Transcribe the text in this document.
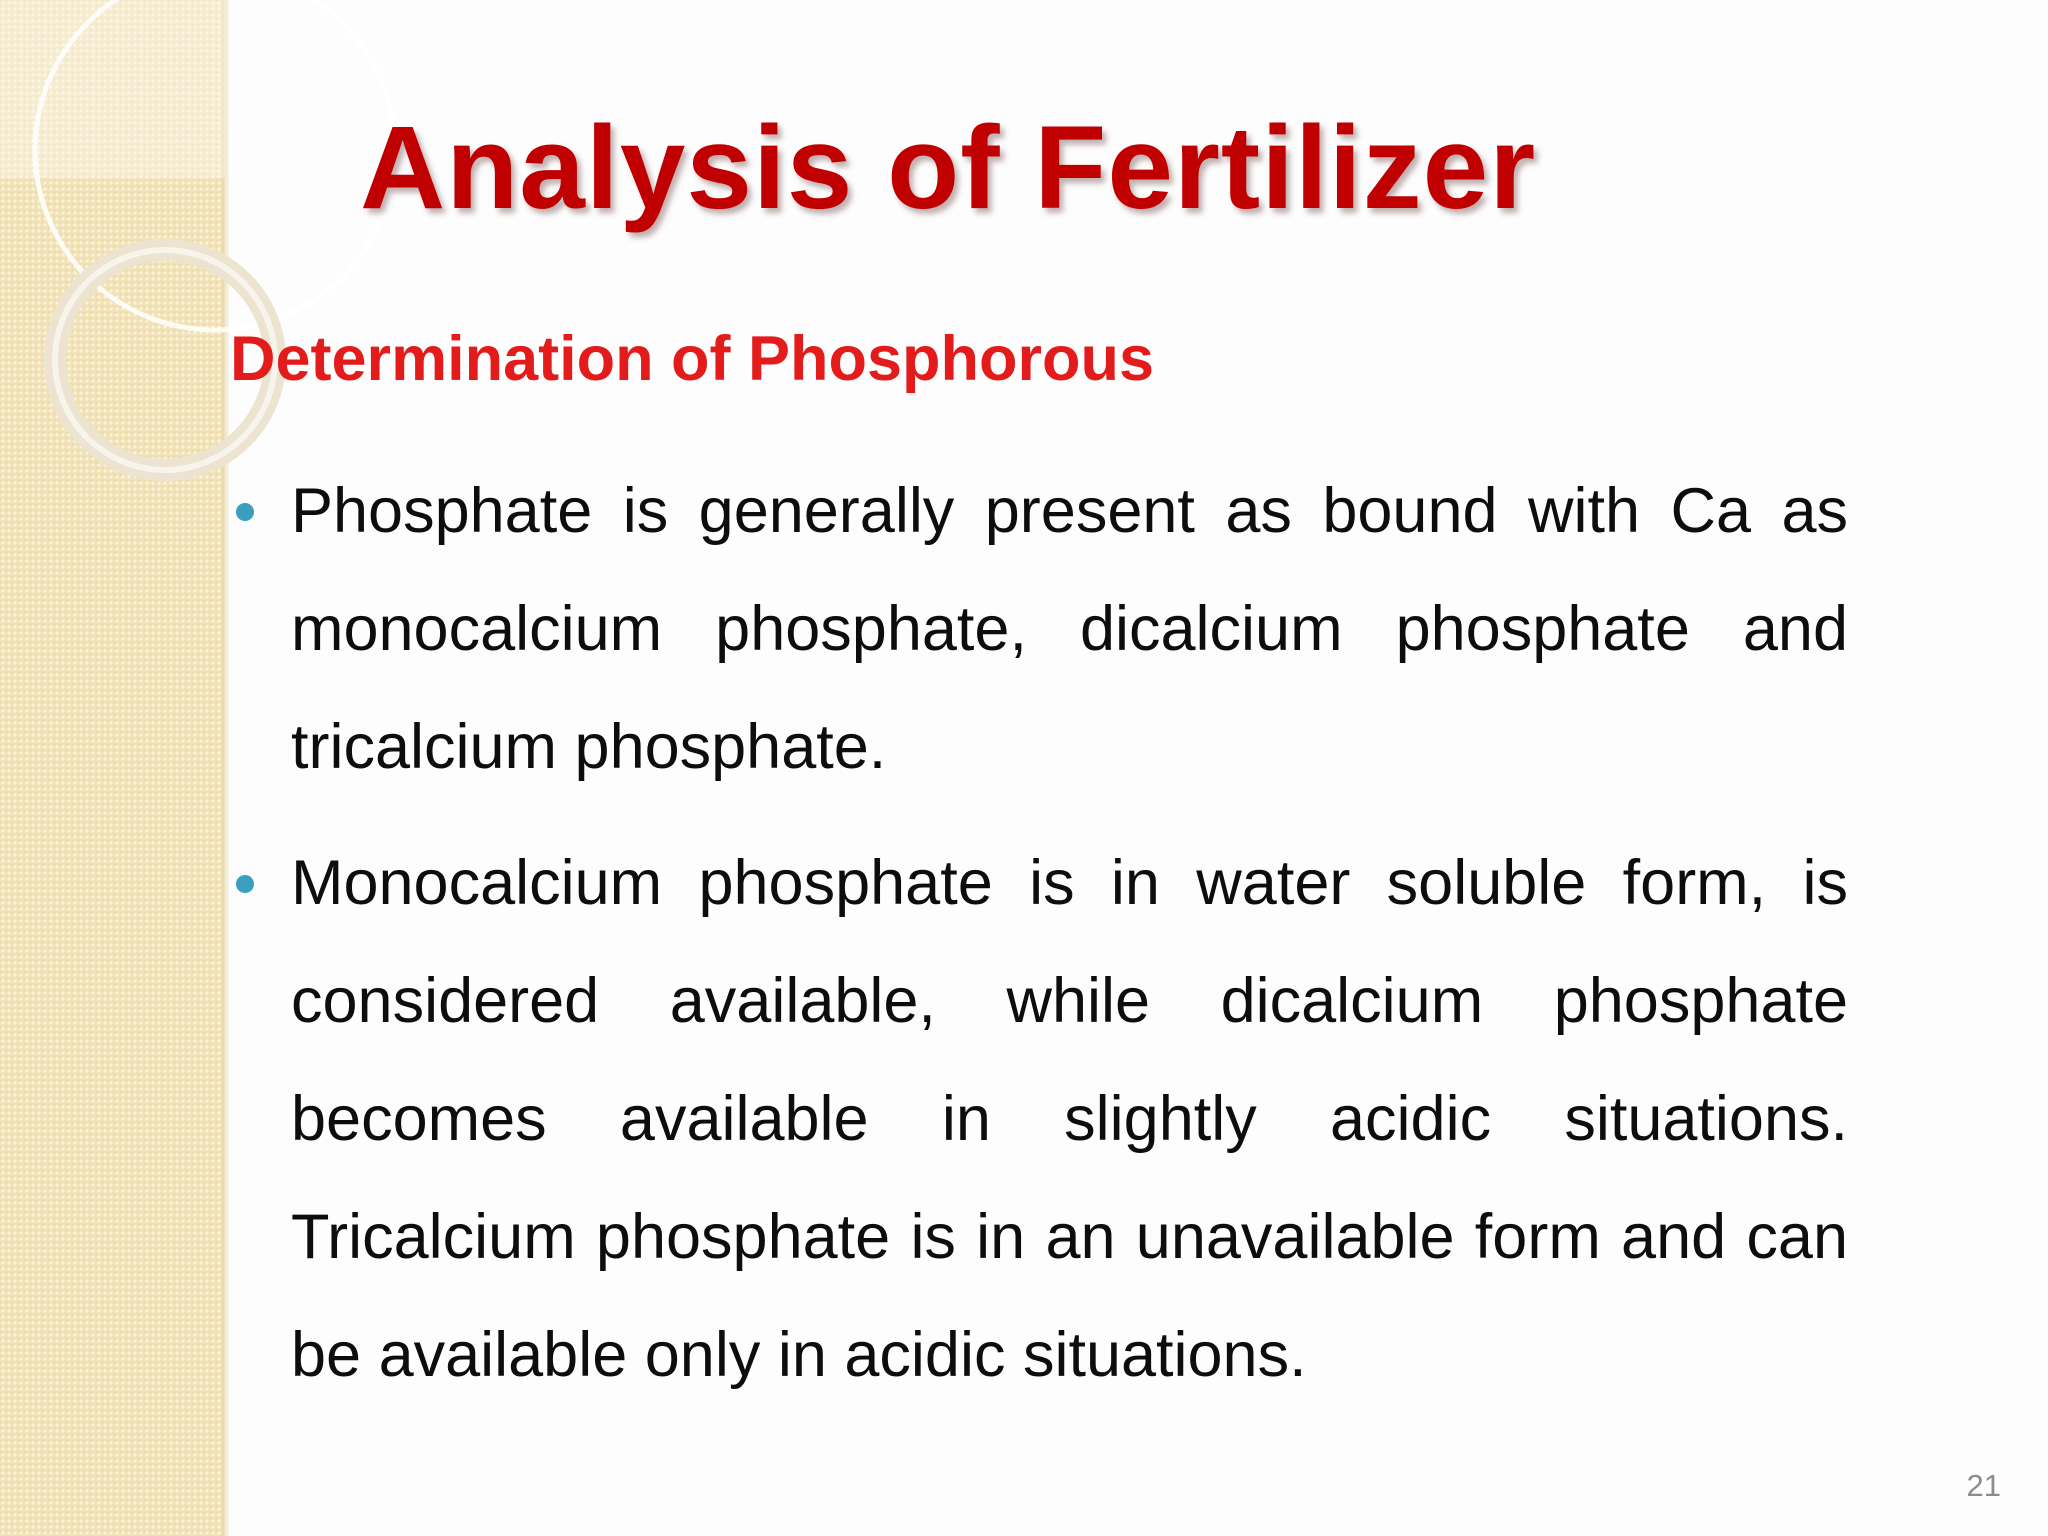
Analysis of Fertilizer
Determination of Phosphorous
Phosphate is generally present as bound with Ca as monocalcium phosphate, dicalcium phosphate and tricalcium phosphate.
Monocalcium phosphate is in water soluble form, is considered available, while dicalcium phosphate becomes available in slightly acidic situations. Tricalcium phosphate is in an unavailable form and can be available only in acidic situations.
21
